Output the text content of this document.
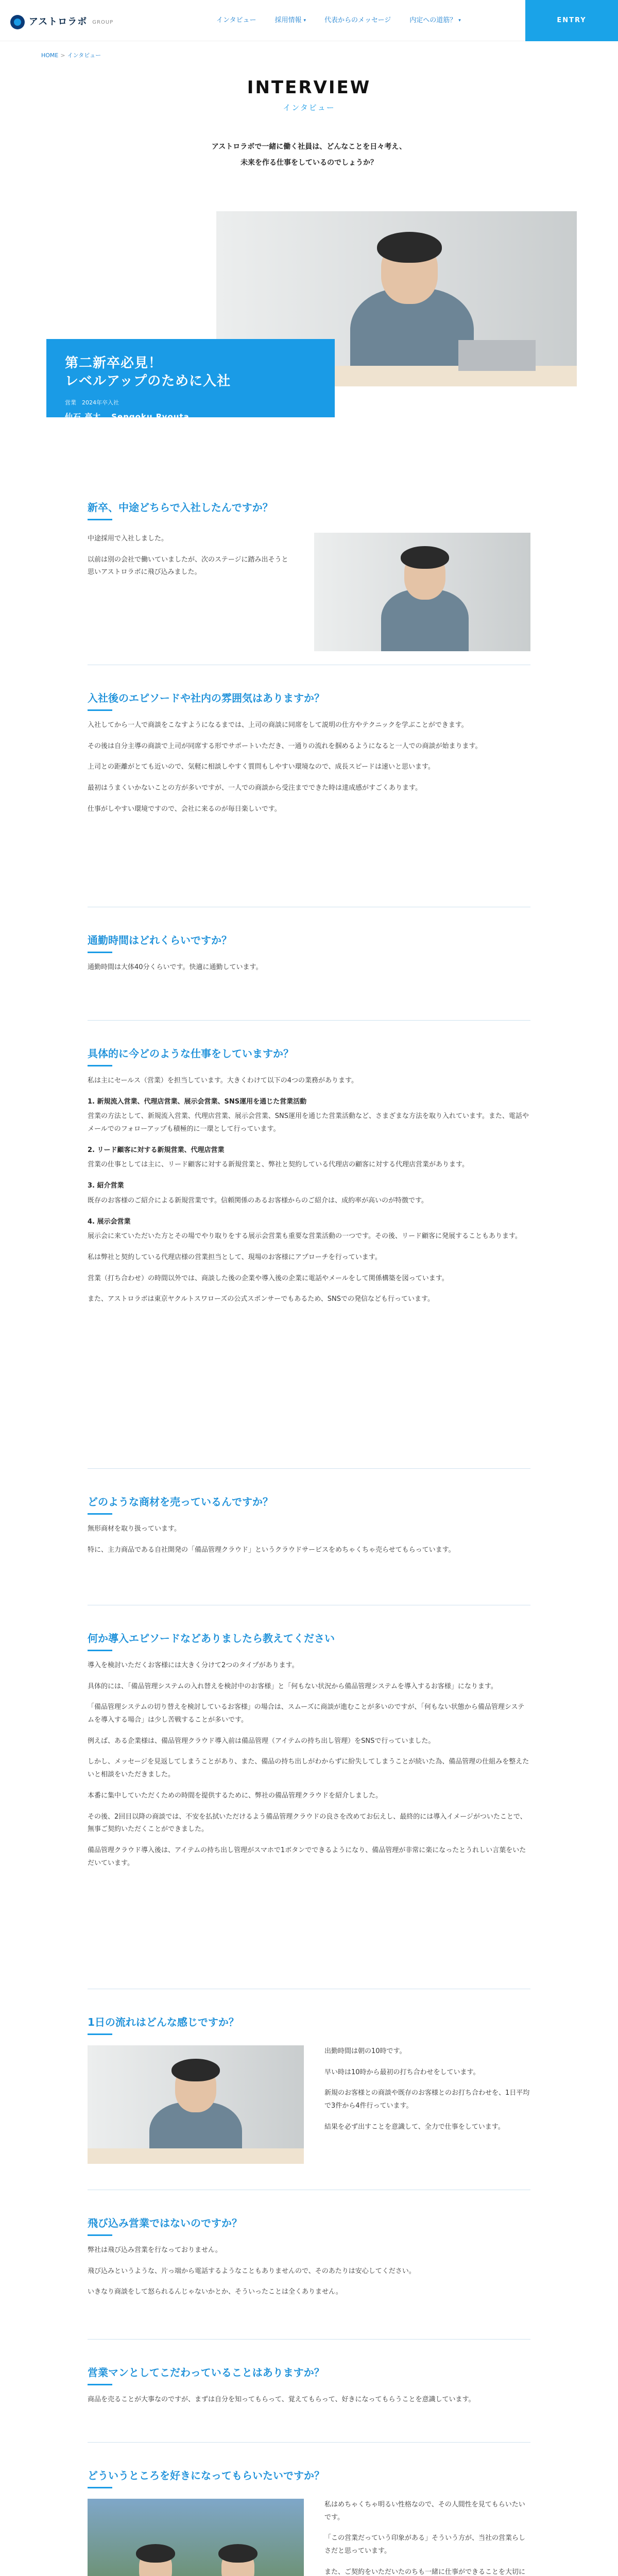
アストロラボ GROUP	インタビュー	採用情報 ▾	代表からのメッセージ	内定への道筋？ ▾	ENTRY
HOME > インタビュー
INTERVIEW
インタビュー
アストロラボで一緒に働く社員は、どんなことを日々考え、
未来を作る仕事をしているのでしょうか？
第二新卒必見！
レベルアップのために入社
営業　2024年卒入社
仙石 亮太 Sengoku Ryouta
新卒、中途どちらで入社したんですか？

中途採用で入社しました。

以前は別の会社で働いていましたが、次のステージに踏み出そうと思いアストロラボに飛び込みました。

入社後のエピソードや社内の雰囲気はありますか？

入社してから一人で商談をこなすようになるまでは、上司の商談に同席をして説明の仕方やテクニックを学ぶことができます。

その後は自分主導の商談で上司が同席する形でサポートいただき、一通りの流れを掴めるようになると一人での商談が始まります。

上司との距離がとても近いので、気軽に相談しやすく質問もしやすい環境なので、成長スピードは速いと思います。

最初はうまくいかないことの方が多いですが、一人での商談から受注までできた時は達成感がすごくあります。

仕事がしやすい環境ですので、会社に来るのが毎日楽しいです。

通勤時間はどれくらいですか？

通勤時間は大体40分くらいです。快適に通勤しています。

具体的に今どのような仕事をしていますか？

私は主にセールス（営業）を担当しています。大きくわけて以下の4つの業務があります。

1. 新規流入営業、代理店営業、展示会営業、SNS運用を通じた営業活動

営業の方法として、新規流入営業、代理店営業、展示会営業、SNS運用を通じた営業活動など、さまざまな方法を取り入れています。また、電話やメールでのフォローアップも積極的に一環として行っています。

2. リード顧客に対する新規営業、代理店営業

営業の仕事としては主に、リード顧客に対する新規営業と、弊社と契約している代理店の顧客に対する代理店営業があります。

3. 紹介営業

既存のお客様のご紹介による新規営業です。信頼関係のあるお客様からのご紹介は、成約率が高いのが特徴です。

4. 展示会営業

展示会に来ていただいた方とその場でやり取りをする展示会営業も重要な営業活動の一つです。その後、リード顧客に発展することもあります。

私は弊社と契約している代理店様の営業担当として、現場のお客様にアプローチを行っています。

営業（打ち合わせ）の時間以外では、商談した後の企業や導入後の企業に電話やメールをして関係構築を図っています。

また、アストロラボは東京ヤクルトスワローズの公式スポンサーでもあるため、SNSでの発信なども行っています。

どのような商材を売っているんですか？

無形商材を取り扱っています。

特に、主力商品である自社開発の「備品管理クラウド」というクラウドサービスをめちゃくちゃ売らせてもらっています。

何か導入エピソードなどありましたら教えてください

導入を検討いただくお客様には大きく分けて2つのタイプがあります。

具体的には、「備品管理システムの入れ替えを検討中のお客様」と「何もない状況から備品管理システムを導入するお客様」になります。

「備品管理システムの切り替えを検討しているお客様」の場合は、スムーズに商談が進むことが多いのですが、「何もない状態から備品管理システムを導入する場合」は少し苦戦することが多いです。

例えば、ある企業様は、備品管理クラウド導入前は備品管理（アイテムの持ち出し管理）をSNSで行っていました。

しかし、メッセージを見返してしまうことがあり、また、備品の持ち出しがわからずに紛失してしまうことが続いた為、備品管理の仕組みを整えたいと相談をいただきました。

本番に集中していただくための時間を提供するために、弊社の備品管理クラウドを紹介しました。

その後、2回目以降の商談では、不安を払拭いただけるよう備品管理クラウドの良さを改めてお伝えし、最終的には導入イメージがついたことで、無事ご契約いただくことができました。

備品管理クラウド導入後は、アイテムの持ち出し管理がスマホで1ボタンでできるようになり、備品管理が非常に楽になったとうれしい言葉をいただいています。

1日の流れはどんな感じですか？

出勤時間は朝の10時です。

早い時は10時から最初の打ち合わせをしています。

新規のお客様との商談や既存のお客様とのお打ち合わせを、1日平均で3件から4件行っています。

結果を必ず出すことを意識して、全力で仕事をしています。

飛び込み営業ではないのですか？

弊社は飛び込み営業を行なっておりません。

飛び込みというような、片っ端から電話するようなこともありませんので、そのあたりは安心してください。

いきなり商談をして怒られるんじゃないかとか、そういったことは全くありません。

営業マンとしてこだわっていることはありますか？

商品を売ることが大事なのですが、まずは自分を知ってもらって、覚えてもらって、好きになってもらうことを意識しています。

どういうところを好きになってもらいたいですか？

私はめちゃくちゃ明るい性格なので、その人間性を見てもらいたいです。

「この営業だっていう印象がある」そういう方が、当社の営業らしさだと思っています。

また、ご契約をいただいたのちも一緒に仕事ができることを大切に
